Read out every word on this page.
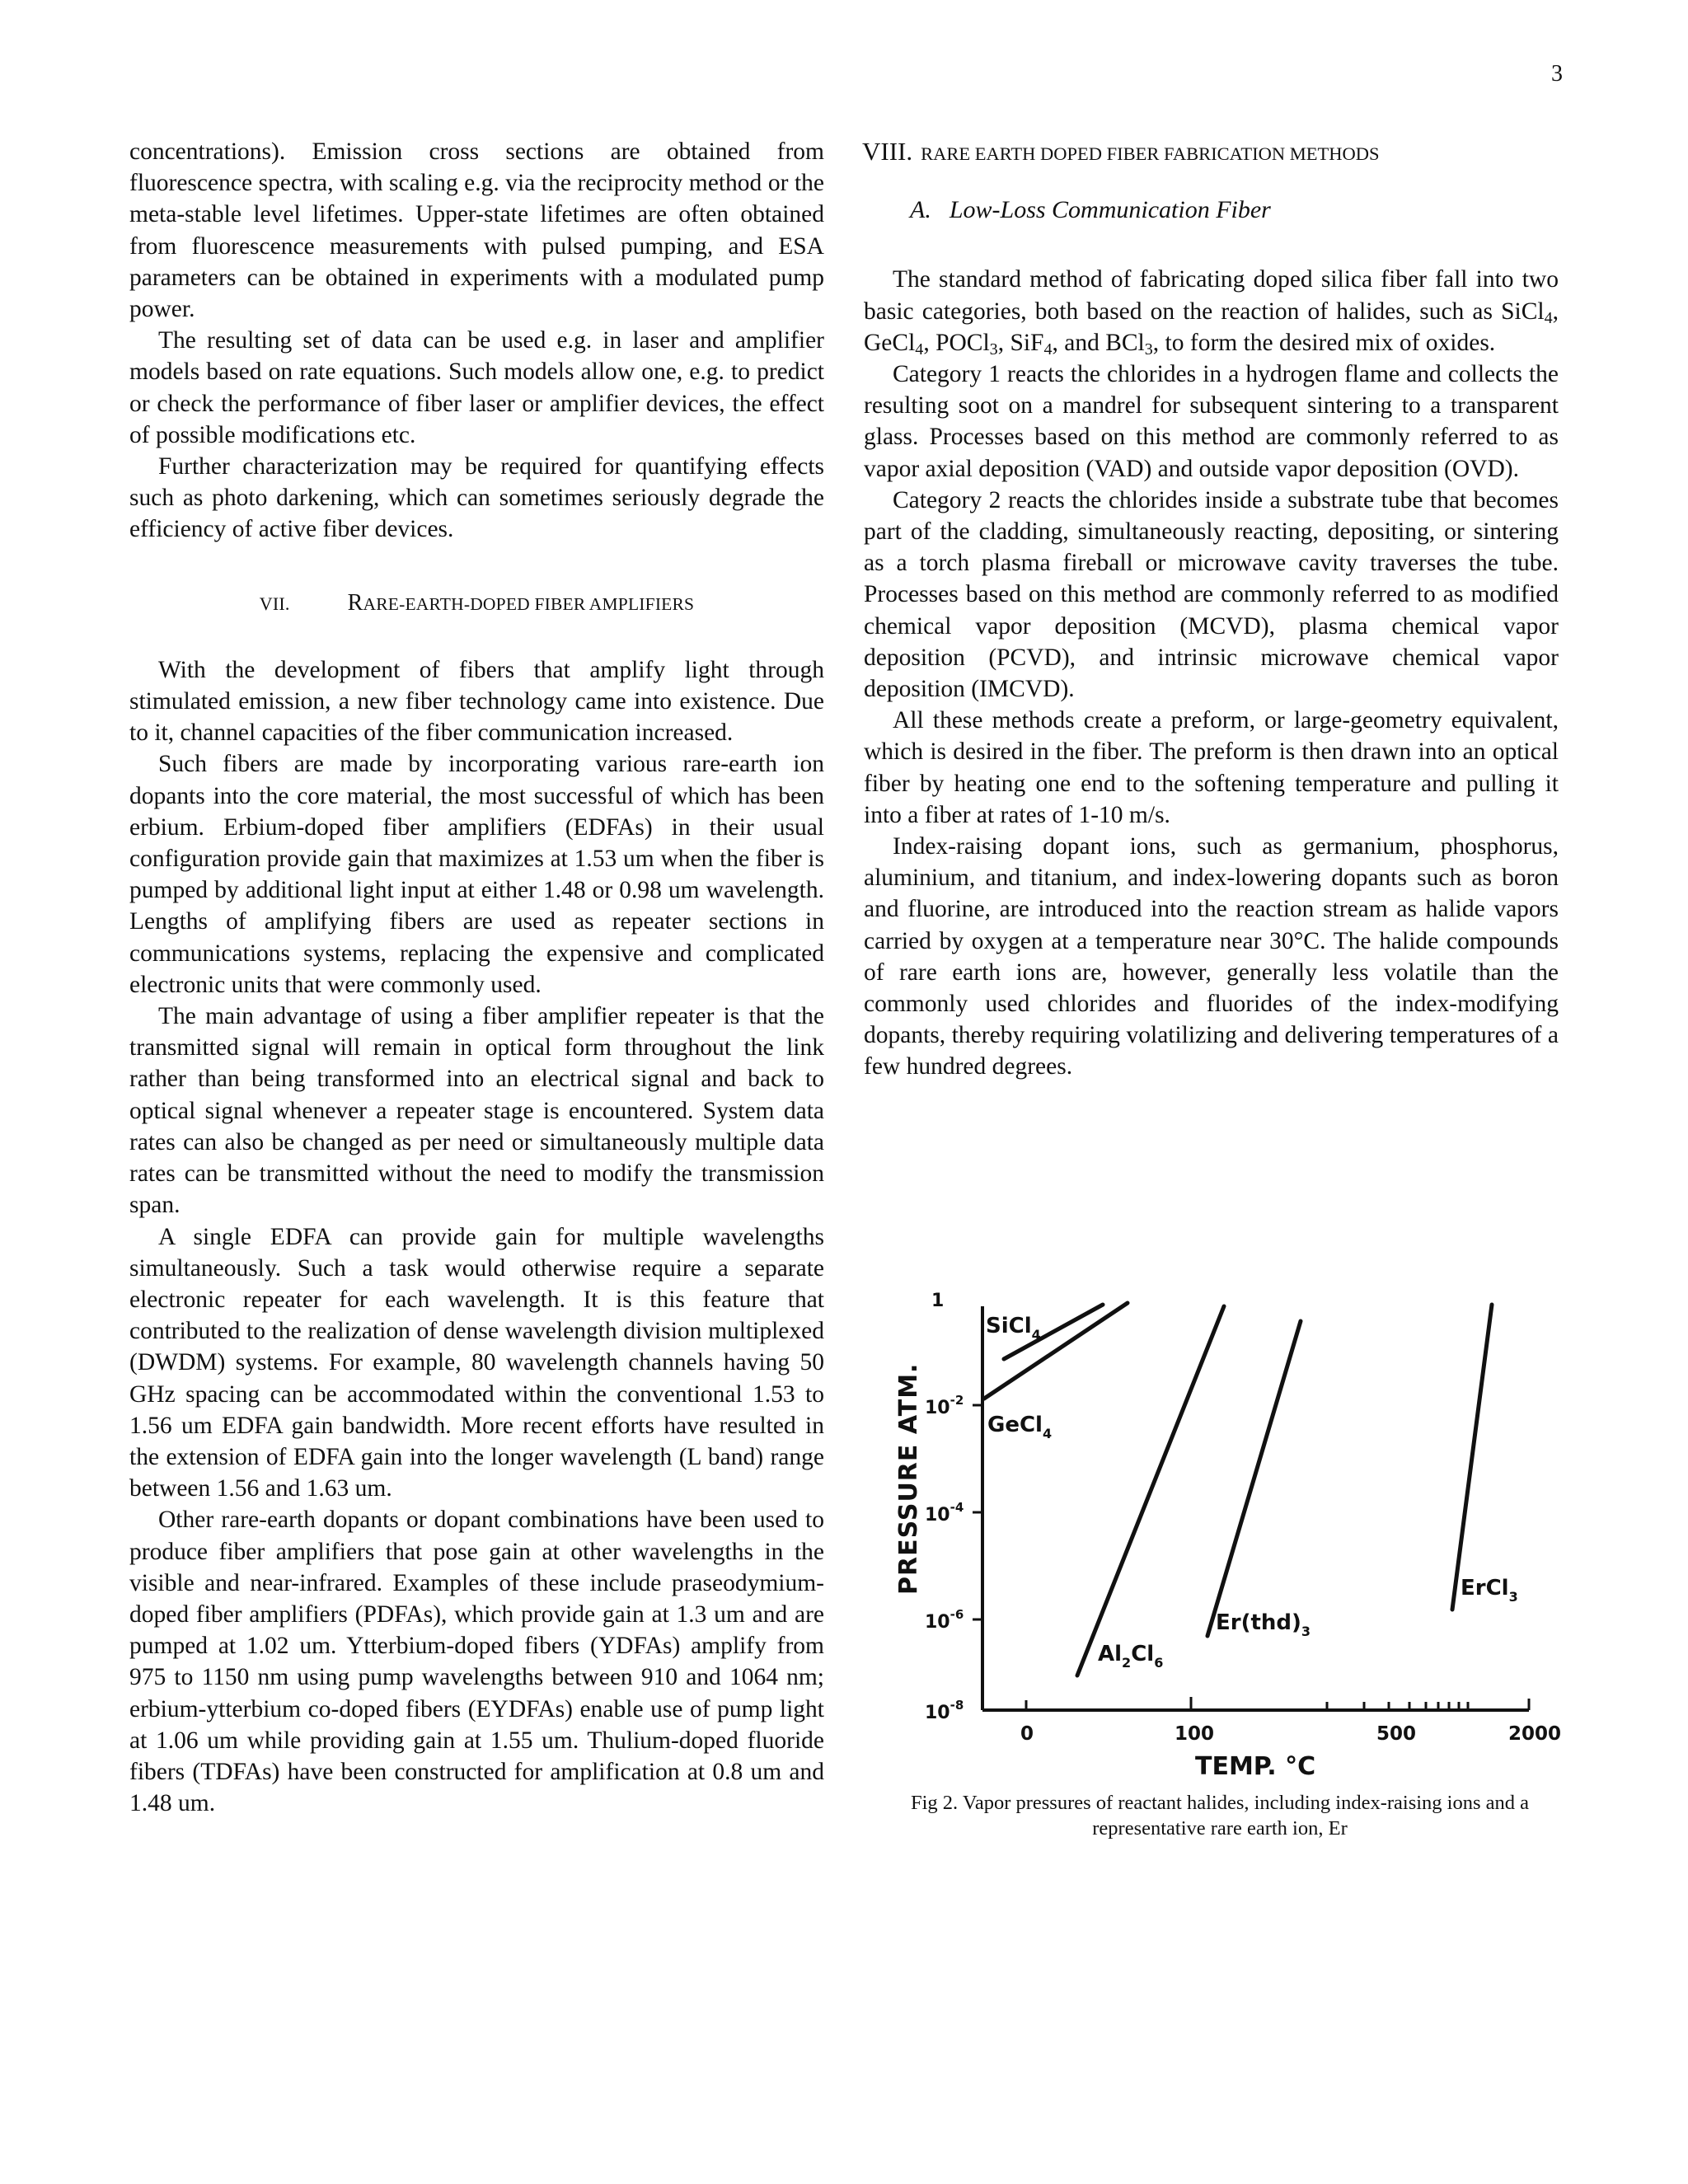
3

concentrations). Emission cross sections are obtained from fluorescence spectra, with scaling e.g. via the reciprocity method or the meta-stable level lifetimes. Upper-state lifetimes are often obtained from fluorescence measurements with pulsed pumping, and ESA parameters can be obtained in experiments with a modulated pump power.

The resulting set of data can be used e.g. in laser and amplifier models based on rate equations. Such models allow one, e.g. to predict or check the performance of fiber laser or amplifier devices, the effect of possible modifications etc.

Further characterization may be required for quantifying effects such as photo darkening, which can sometimes seriously degrade the efficiency of active fiber devices.

VII.	RARE-EARTH-DOPED FIBER AMPLIFIERS

With the development of fibers that amplify light through stimulated emission, a new fiber technology came into existence. Due to it, channel capacities of the fiber communication increased.

Such fibers are made by incorporating various rare-earth ion dopants into the core material, the most successful of which has been erbium. Erbium-doped fiber amplifiers (EDFAs) in their usual configuration provide gain that maximizes at 1.53 um when the fiber is pumped by additional light input at either 1.48 or 0.98 um wavelength. Lengths of amplifying fibers are used as repeater sections in communications systems, replacing the expensive and complicated electronic units that were commonly used.

The main advantage of using a fiber amplifier repeater is that the transmitted signal will remain in optical form throughout the link rather than being transformed into an electrical signal and back to optical signal whenever a repeater stage is encountered. System data rates can also be changed as per need or simultaneously multiple data rates can be transmitted without the need to modify the transmission span.

A single EDFA can provide gain for multiple wavelengths simultaneously. Such a task would otherwise require a separate electronic repeater for each wavelength. It is this feature that contributed to the realization of dense wavelength division multiplexed (DWDM) systems. For example, 80 wavelength channels having 50 GHz spacing can be accommodated within the conventional 1.53 to 1.56 um EDFA gain bandwidth. More recent efforts have resulted in the extension of EDFA gain into the longer wavelength (L band) range between 1.56 and 1.63 um.

Other rare-earth dopants or dopant combinations have been used to produce fiber amplifiers that pose gain at other wavelengths in the visible and near-infrared. Examples of these include praseodymium-doped fiber amplifiers (PDFAs), which provide gain at 1.3 um and are pumped at 1.02 um. Ytterbium-doped fibers (YDFAs) amplify from 975 to 1150 nm using pump wavelengths between 910 and 1064 nm; erbium-ytterbium co-doped fibers (EYDFAs) enable use of pump light at 1.06 um while providing gain at 1.55 um. Thulium-doped fluoride fibers (TDFAs) have been constructed for amplification at 0.8 um and 1.48 um.

VIII. RARE EARTH DOPED FIBER FABRICATION METHODS
A. Low-Loss Communication Fiber

The standard method of fabricating doped silica fiber fall into two basic categories, both based on the reaction of halides, such as SiCl$_4$, GeCl$_4$, POCl$_3$, SiF$_4$, and BCl$_3$, to form the desired mix of oxides.

Category 1 reacts the chlorides in a hydrogen flame and collects the resulting soot on a mandrel for subsequent sintering to a transparent glass. Processes based on this method are commonly referred to as vapor axial deposition (VAD) and outside vapor deposition (OVD).

Category 2 reacts the chlorides inside a substrate tube that becomes part of the cladding, simultaneously reacting, depositing, or sintering as a torch plasma fireball or microwave cavity traverses the tube. Processes based on this method are commonly referred to as modified chemical vapor deposition (MCVD), plasma chemical vapor deposition (PCVD), and intrinsic microwave chemical vapor deposition (IMCVD).

All these methods create a preform, or large-geometry equivalent, which is desired in the fiber. The preform is then drawn into an optical fiber by heating one end to the softening temperature and pulling it into a fiber at rates of 1-10 m/s.

Index-raising dopant ions, such as germanium, phosphorus, aluminium, and titanium, and index-lowering dopants such as boron and fluorine, are introduced into the reaction stream as halide vapors carried by oxygen at a temperature near 30°C. The halide compounds of rare earth ions are, however, generally less volatile than the commonly used chlorides and fluorides of the index-modifying dopants, thereby requiring volatilizing and delivering temperatures of a few hundred degrees.

1
$10^{-2}$
$10^{-4}$
$10^{-6}$
$10^{-8}$
PRESSURE ATM.
0	100	500	2000
TEMP. °C
SiCl$_4$
GeCl$_4$
$Al_2Cl_6$
$Er(thd)_3$
ErCl$_3$
Fig 2. Vapor pressures of reactant halides, including index-raising ions and a representative rare earth ion, Er
